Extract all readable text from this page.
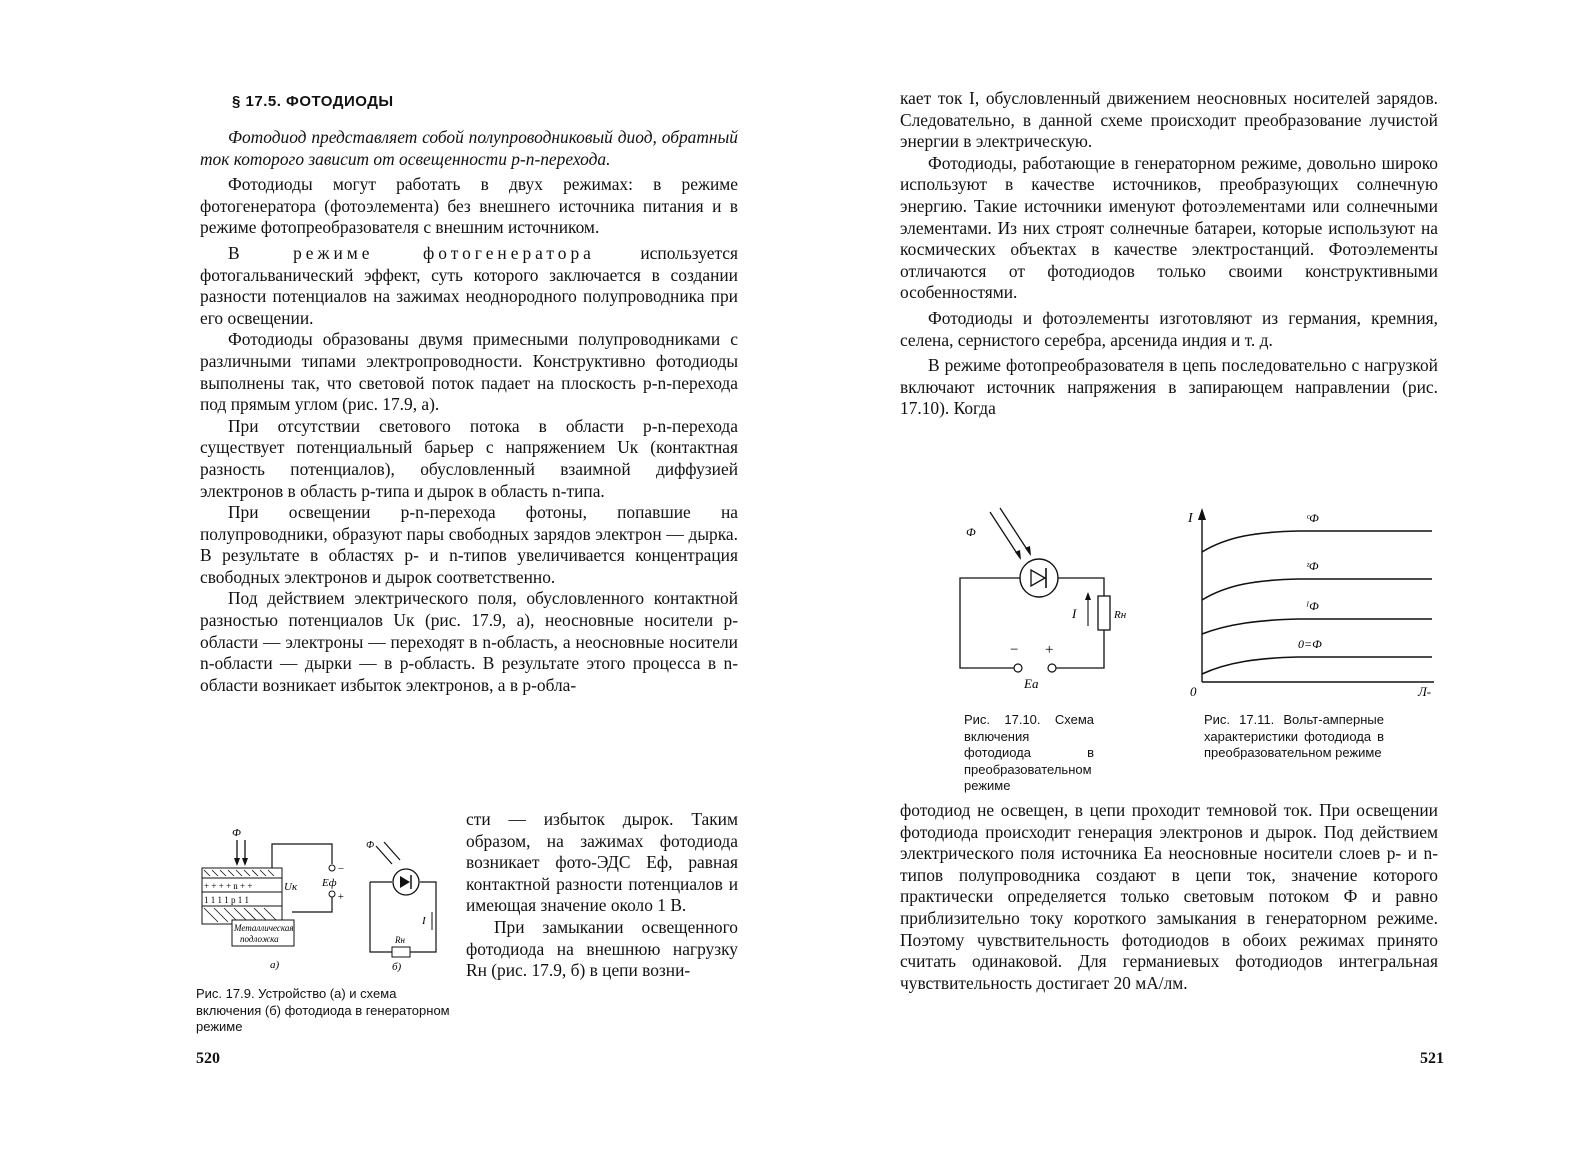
§ 17.5. ФОТОДИОДЫ

Фотодиод представляет собой полупроводниковый диод, обратный ток которого зависит от освещенности p-n-перехода.

Фотодиоды могут работать в двух режимах: в режиме фотогенератора (фотоэлемента) без внешнего источника питания и в режиме фотопреобразователя с внешним источником.

В режиме фотогенератора используется фотогальванический эффект, суть которого заключается в создании разности потенциалов на зажимах неоднородного полупроводника при его освещении.

Фотодиоды образованы двумя примесными полупроводниками с различными типами электропроводности. Конструктивно фотодиоды выполнены так, что световой поток падает на плоскость p-n-перехода под прямым углом (рис. 17.9, а).

При отсутствии светового потока в области p-n-перехода существует потенциальный барьер с напряжением Uк (контактная разность потенциалов), обусловленный взаимной диффузией электронов в область p-типа и дырок в область n-типа.

При освещении p-n-перехода фотоны, попавшие на полупроводники, образуют пары свободных зарядов электрон — дырка. В результате в областях p- и n-типов увеличивается концентрация свободных электронов и дырок соответственно.

Под действием электрического поля, обусловленного контактной разностью потенциалов Uк (рис. 17.9, а), неосновные носители p-области — электроны — переходят в n-область, а неосновные носители n-области — дырки — в p-область. В результате этого процесса в n-области возникает избыток электронов, а в p-обла-

Ф
+ + + + n + +
1 1 1 1 p 1 1
Uк
Металлическая
подложка
−
Eф
+
а)
Ф
I
Rн
б)

сти — избыток дырок. Таким образом, на зажимах фотодиода возникает фото-ЭДС Eф, равная контактной разности потенциалов и имеющая значение около 1 В.

При замыкании освещенного фотодиода на внешнюю нагрузку Rн (рис. 17.9, б) в цепи возни-

Рис. 17.9. Устройство (а) и схема включения (б) фотодиода в генераторном режиме
520

кает ток I, обусловленный движением неосновных носителей зарядов. Следовательно, в данной схеме происходит преобразование лучистой энергии в электрическую.

Фотодиоды, работающие в генераторном режиме, довольно широко используют в качестве источников, преобразующих солнечную энергию. Такие источники именуют фотоэлементами или солнечными элементами. Из них строят солнечные батареи, которые используют на космических объектах в качестве электростанций. Фотоэлементы отличаются от фотодиодов только своими конструктивными особенностями.

Фотодиоды и фотоэлементы изготовляют из германия, кремния, селена, сернистого серебра, арсенида индия и т. д.

В режиме фотопреобразователя в цепь последовательно с нагрузкой включают источник напряжения в запирающем направлении (рис. 17.10). Когда

Ф
Rн
I
− +
Eа
I
0	Л-
ᶜФ
ᶻФ
ᴵФ
0=Ф
Рис. 17.10. Схема включения фотодиода в преобразовательном режиме
Рис. 17.11. Вольт-амперные характеристики фотодиода в преобразовательном режиме

фотодиод не освещен, в цепи проходит темновой ток. При освещении фотодиода происходит генерация электронов и дырок. Под действием электрического поля источника Eа неосновные носители слоев p- и n-типов полупроводника создают в цепи ток, значение которого практически определяется только световым потоком Ф и равно приблизительно току короткого замыкания в генераторном режиме. Поэтому чувствительность фотодиодов в обоих режимах принято считать одинаковой. Для германиевых фотодиодов интегральная чувствительность достигает 20 мА/лм.

521
